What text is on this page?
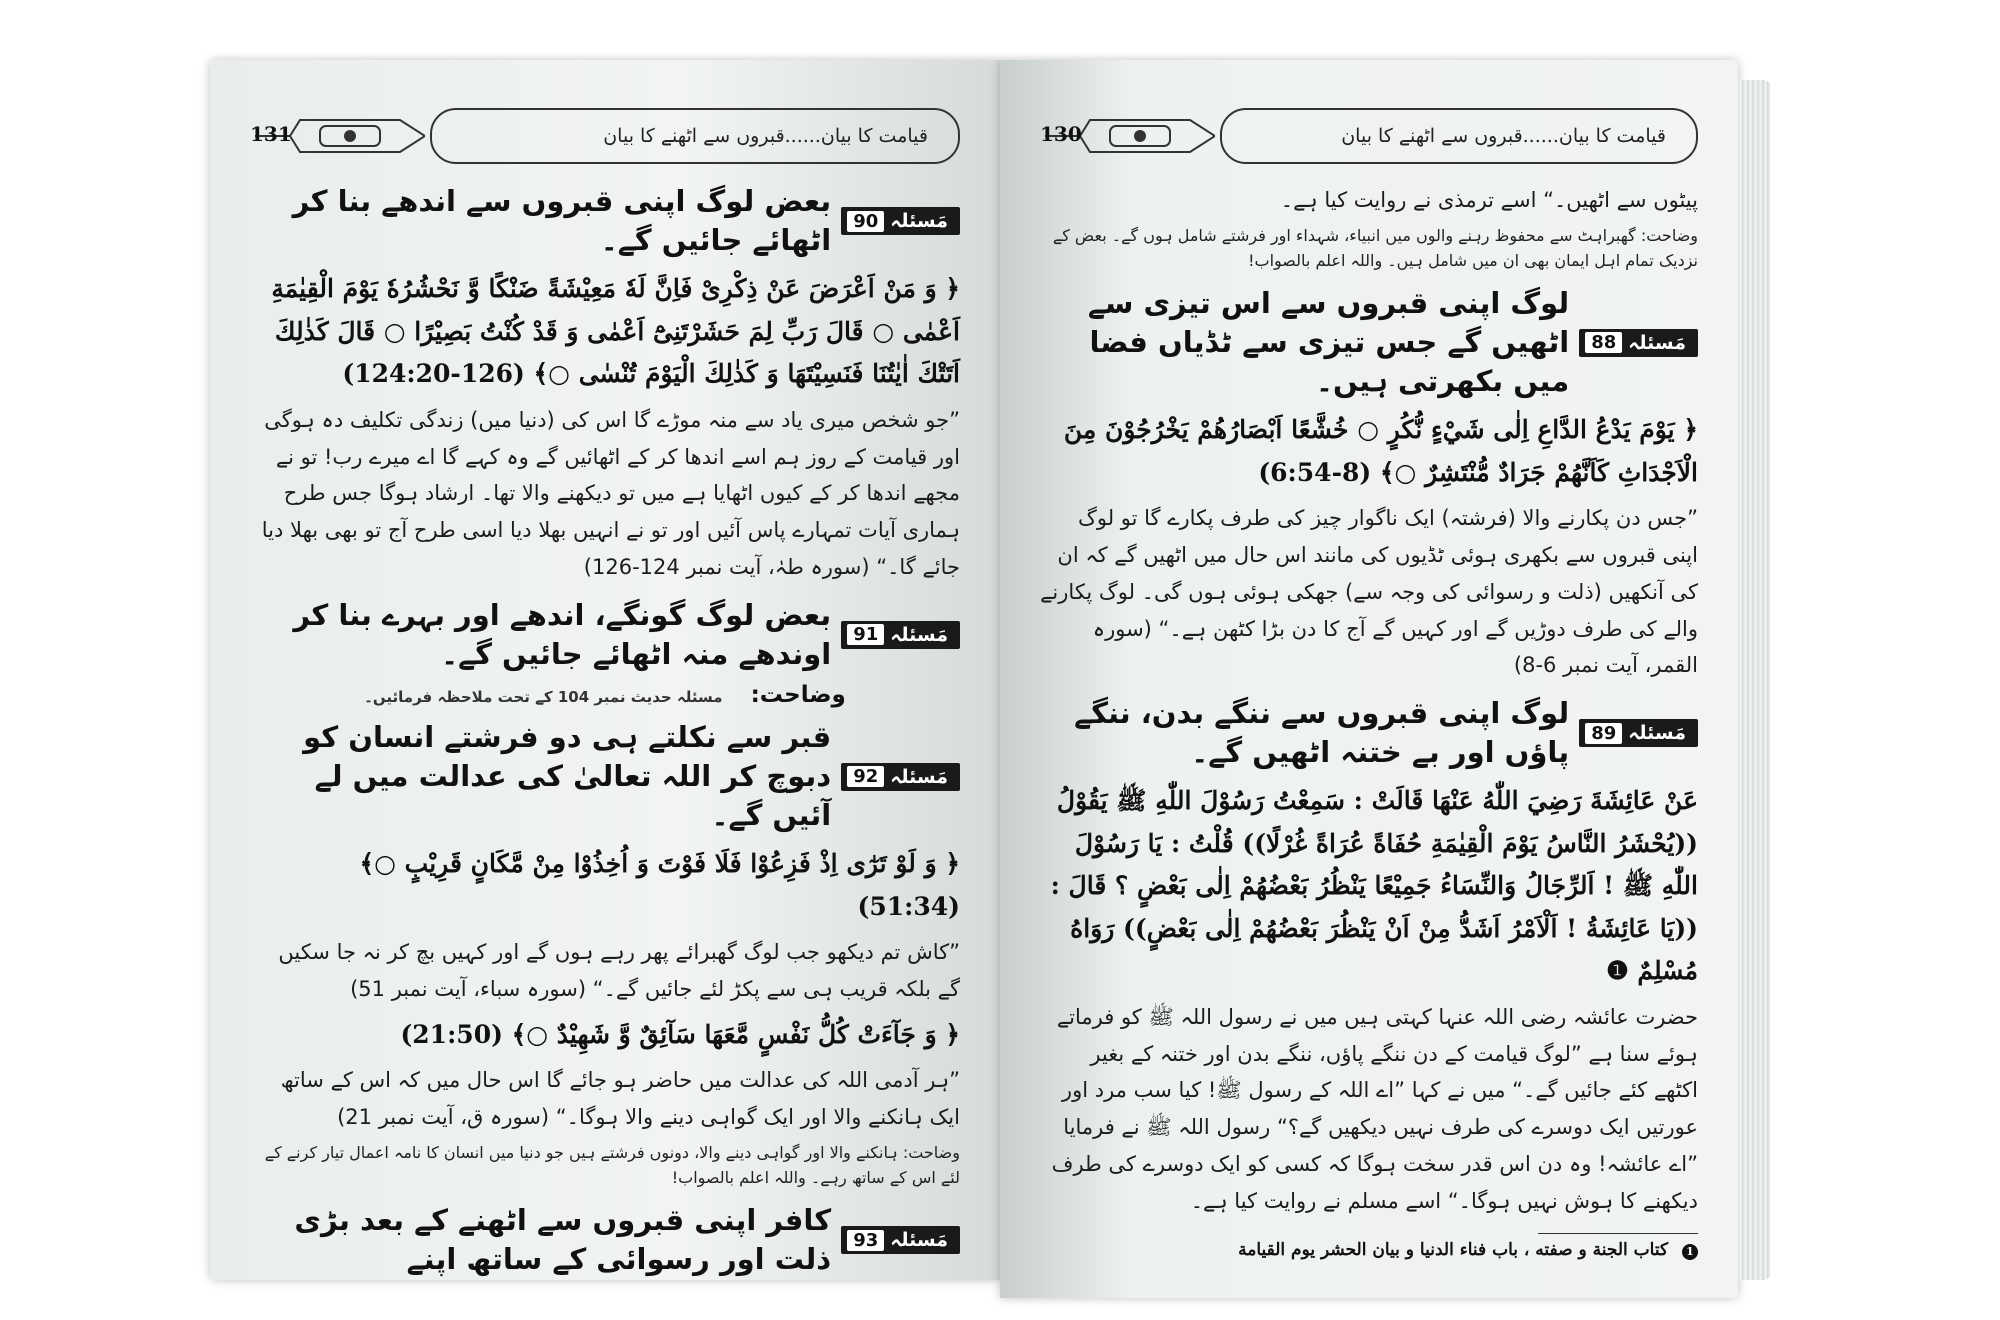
قیامت کا بیان......قبروں سے اٹھنے کا بیان
131
مَسئلہ
90
بعض لوگ اپنی قبروں سے اندھے بنا کر اٹھائے جائیں گے۔
﴿ وَ مَنْ اَعْرَضَ عَنْ ذِكْرِىْ فَاِنَّ لَهٗ مَعِيْشَةً ضَنْكًا وَّ نَحْشُرُهٗ يَوْمَ الْقِيٰمَةِ اَعْمٰى ○ قَالَ رَبِّ لِمَ حَشَرْتَنِىْٓ اَعْمٰى وَ قَدْ كُنْتُ بَصِيْرًا ○ قَالَ كَذٰلِكَ اَتَتْكَ اٰيٰتُنَا فَنَسِيْتَهَا وَ كَذٰلِكَ الْيَوْمَ تُنْسٰى ○﴾ (126-124:20)
”جو شخص میری یاد سے منہ موڑے گا اس کی (دنیا میں) زندگی تکلیف دہ ہوگی اور قیامت کے روز ہم اسے اندھا کر کے اٹھائیں گے وہ کہے گا اے میرے رب! تو نے مجھے اندھا کر کے کیوں اٹھایا ہے میں تو دیکھنے والا تھا۔ ارشاد ہوگا جس طرح ہماری آیات تمہارے پاس آئیں اور تو نے انہیں بھلا دیا اسی طرح آج تو بھی بھلا دیا جائے گا۔“ (سورہ طہٰ، آیت نمبر 124-126)
مَسئلہ
91
بعض لوگ گونگے، اندھے اور بہرے بنا کر اوندھے منہ اٹھائے جائیں گے۔
وضاحت: مسئلہ حدیث نمبر 104 کے تحت ملاحظہ فرمائیں۔
مَسئلہ
92
قبر سے نکلتے ہی دو فرشتے انسان کو دبوچ کر اللہ تعالیٰ کی عدالت میں لے آئیں گے۔
﴿ وَ لَوْ تَرٰٓى اِذْ فَزِعُوْا فَلَا فَوْتَ وَ اُخِذُوْا مِنْ مَّكَانٍ قَرِيْبٍ ○﴾ (51:34)
”کاش تم دیکھو جب لوگ گھبرائے پھر رہے ہوں گے اور کہیں بچ کر نہ جا سکیں گے بلکہ قریب ہی سے پکڑ لئے جائیں گے۔“ (سورہ سباء، آیت نمبر 51)
﴿ وَ جَآءَتْ كُلُّ نَفْسٍ مَّعَهَا سَآئِقٌ وَّ شَهِيْدٌ ○﴾ (21:50)
”ہر آدمی اللہ کی عدالت میں حاضر ہو جائے گا اس حال میں کہ اس کے ساتھ ایک ہانکنے والا اور ایک گواہی دینے والا ہوگا۔“ (سورہ ق، آیت نمبر 21)
وضاحت: ہانکنے والا اور گواہی دینے والا، دونوں فرشتے ہیں جو دنیا میں انسان کا نامہ اعمال تیار کرنے کے لئے اس کے ساتھ رہے۔ واللہ اعلم بالصواب!
مَسئلہ
93
کافر اپنی قبروں سے اٹھنے کے بعد بڑی ذلت اور رسوائی کے ساتھ اپنے
قیامت کا بیان......قبروں سے اٹھنے کا بیان
130
پیٹوں سے اٹھیں۔“ اسے ترمذی نے روایت کیا ہے۔
وضاحت: گھبراہٹ سے محفوظ رہنے والوں میں انبیاء، شہداء اور فرشتے شامل ہوں گے۔ بعض کے نزدیک تمام اہل ایمان بھی ان میں شامل ہیں۔ واللہ اعلم بالصواب!
مَسئلہ
88
لوگ اپنی قبروں سے اس تیزی سے اٹھیں گے جس تیزی سے ٹڈیاں فضا میں بکھرتی ہیں۔
﴿ يَوْمَ يَدْعُ الدَّاعِ اِلٰى شَيْءٍ نُّكُرٍ ○ خُشَّعًا اَبْصَارُهُمْ يَخْرُجُوْنَ مِنَ الْاَجْدَاثِ كَاَنَّهُمْ جَرَادٌ مُّنْتَشِرٌ ○﴾ (8-6:54)
”جس دن پکارنے والا (فرشتہ) ایک ناگوار چیز کی طرف پکارے گا تو لوگ اپنی قبروں سے بکھری ہوئی ٹڈیوں کی مانند اس حال میں اٹھیں گے کہ ان کی آنکھیں (ذلت و رسوائی کی وجہ سے) جھکی ہوئی ہوں گی۔ لوگ پکارنے والے کی طرف دوڑیں گے اور کہیں گے آج کا دن بڑا کٹھن ہے۔“ (سورہ القمر، آیت نمبر 6-8)
مَسئلہ
89
لوگ اپنی قبروں سے ننگے بدن، ننگے پاؤں اور بے ختنہ اٹھیں گے۔
عَنْ عَائِشَةَ رَضِيَ اللّٰهُ عَنْهَا قَالَتْ : سَمِعْتُ رَسُوْلَ اللّٰهِ ﷺ يَقُوْلُ ((يُحْشَرُ النَّاسُ يَوْمَ الْقِيٰمَةِ حُفَاةً عُرَاةً غُرْلًا)) قُلْتُ : يَا رَسُوْلَ اللّٰهِ ﷺ ! اَلرِّجَالُ وَالنِّسَاءُ جَمِيْعًا يَنْظُرُ بَعْضُهُمْ اِلٰى بَعْضٍ ؟ قَالَ : ((يَا عَائِشَةُ ! اَلْاَمْرُ اَشَدُّ مِنْ اَنْ يَنْظُرَ بَعْضُهُمْ اِلٰى بَعْضٍ)) رَوَاهُ مُسْلِمٌ ❶
حضرت عائشہ رضی اللہ عنہا کہتی ہیں میں نے رسول اللہ ﷺ کو فرماتے ہوئے سنا ہے ”لوگ قیامت کے دن ننگے پاؤں، ننگے بدن اور ختنہ کے بغیر اکٹھے کئے جائیں گے۔“ میں نے کہا ”اے اللہ کے رسول ﷺ! کیا سب مرد اور عورتیں ایک دوسرے کی طرف نہیں دیکھیں گے؟“ رسول اللہ ﷺ نے فرمایا ”اے عائشہ! وہ دن اس قدر سخت ہوگا کہ کسی کو ایک دوسرے کی طرف دیکھنے کا ہوش نہیں ہوگا۔“ اسے مسلم نے روایت کیا ہے۔
1 كتاب الجنة و صفته ، باب فناء الدنيا و بيان الحشر يوم القيامة
